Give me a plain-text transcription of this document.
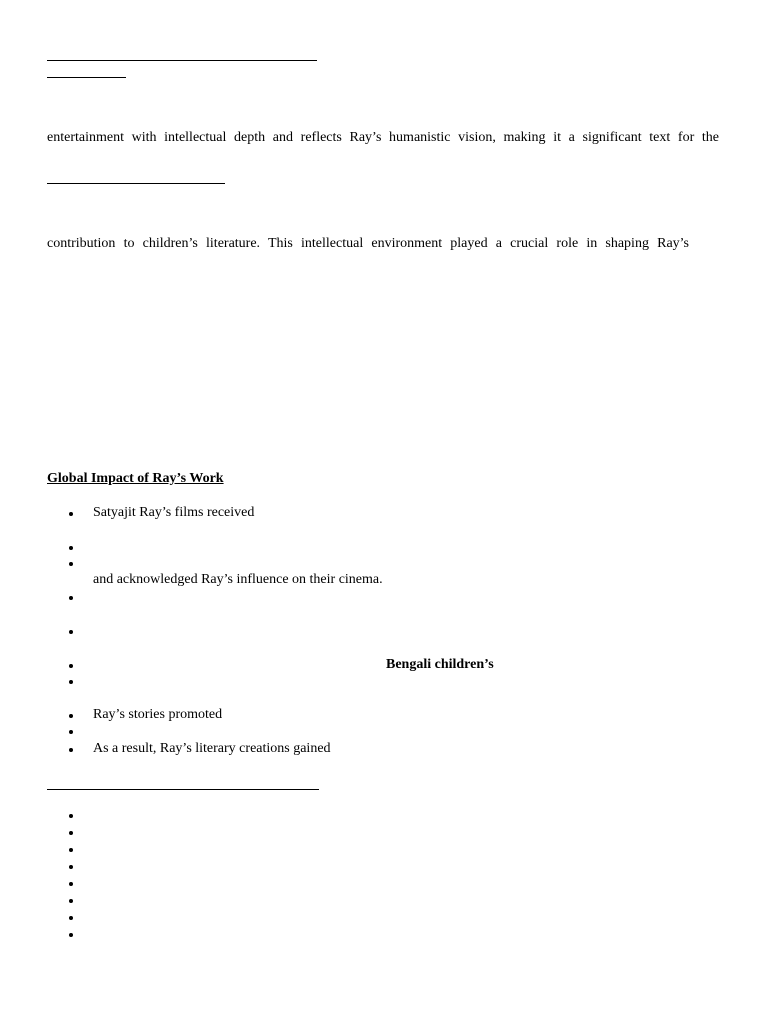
entertainment with intellectual depth and reflects Ray’s humanistic vision, making it a significant text for the
contribution to children’s literature. This intellectual environment played a crucial role in shaping Ray’s
Global Impact of Ray’s Work
Satyajit Ray’s films received
and acknowledged Ray’s influence on their cinema.
Bengali children’s
Ray’s stories promoted
As a result, Ray’s literary creations gained
